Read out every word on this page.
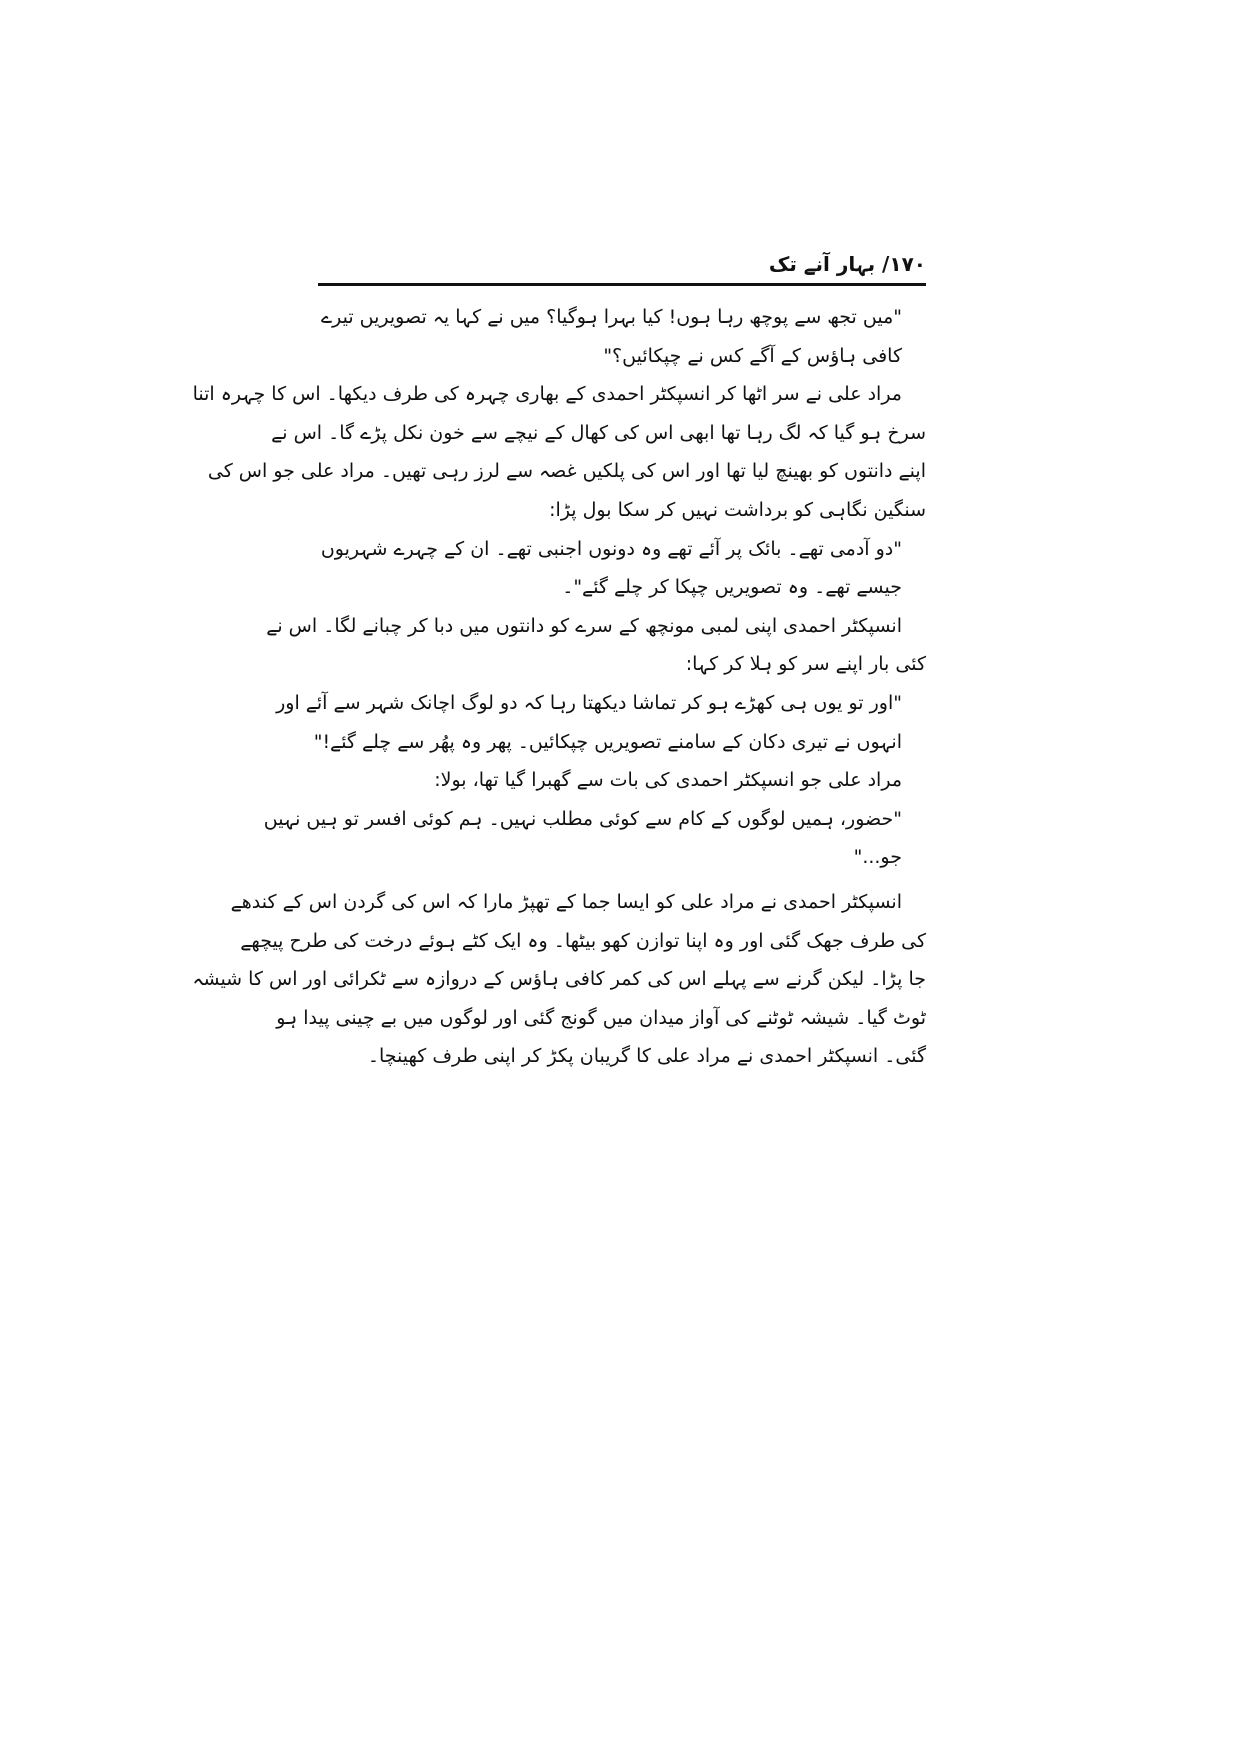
۱۷۰/ بہار آنے تک
"میں تجھ سے پوچھ رہا ہوں! کیا بہرا ہوگیا؟ میں نے کہا یہ تصویریں تیرے
کافی ہاؤس کے آگے کس نے چپکائیں؟"
مراد علی نے سر اٹھا کر انسپکٹر احمدی کے بھاری چہرہ کی طرف دیکھا۔ اس کا چہرہ اتنا
سرخ ہو گیا کہ لگ رہا تھا ابھی اس کی کھال کے نیچے سے خون نکل پڑے گا۔ اس نے
اپنے دانتوں کو بھینچ لیا تھا اور اس کی پلکیں غصہ سے لرز رہی تھیں۔ مراد علی جو اس کی
سنگین نگاہی کو برداشت نہیں کر سکا بول پڑا:
"دو آدمی تھے۔ بائک پر آئے تھے وہ دونوں اجنبی تھے۔ ان کے چہرے شہریوں
جیسے تھے۔ وہ تصویریں چپکا کر چلے گئے"۔
انسپکٹر احمدی اپنی لمبی مونچھ کے سرے کو دانتوں میں دبا کر چبانے لگا۔ اس نے
کئی بار اپنے سر کو ہلا کر کہا:
"اور تو یوں ہی کھڑے ہو کر تماشا دیکھتا رہا کہ دو لوگ اچانک شہر سے آئے اور
انہوں نے تیری دکان کے سامنے تصویریں چپکائیں۔ پھر وہ پھُر سے چلے گئے!"
مراد علی جو انسپکٹر احمدی کی بات سے گھبرا گیا تھا، بولا:
"حضور، ہمیں لوگوں کے کام سے کوئی مطلب نہیں۔ ہم کوئی افسر تو ہیں نہیں
جو..."
انسپکٹر احمدی نے مراد علی کو ایسا جما کے تھپڑ مارا کہ اس کی گردن اس کے کندھے
کی طرف جھک گئی اور وہ اپنا توازن کھو بیٹھا۔ وہ ایک کٹے ہوئے درخت کی طرح پیچھے
جا پڑا۔ لیکن گرنے سے پہلے اس کی کمر کافی ہاؤس کے دروازہ سے ٹکرائی اور اس کا شیشہ
ٹوٹ گیا۔ شیشہ ٹوٹنے کی آواز میدان میں گونج گئی اور لوگوں میں بے چینی پیدا ہو
گئی۔ انسپکٹر احمدی نے مراد علی کا گریبان پکڑ کر اپنی طرف کھینچا۔
